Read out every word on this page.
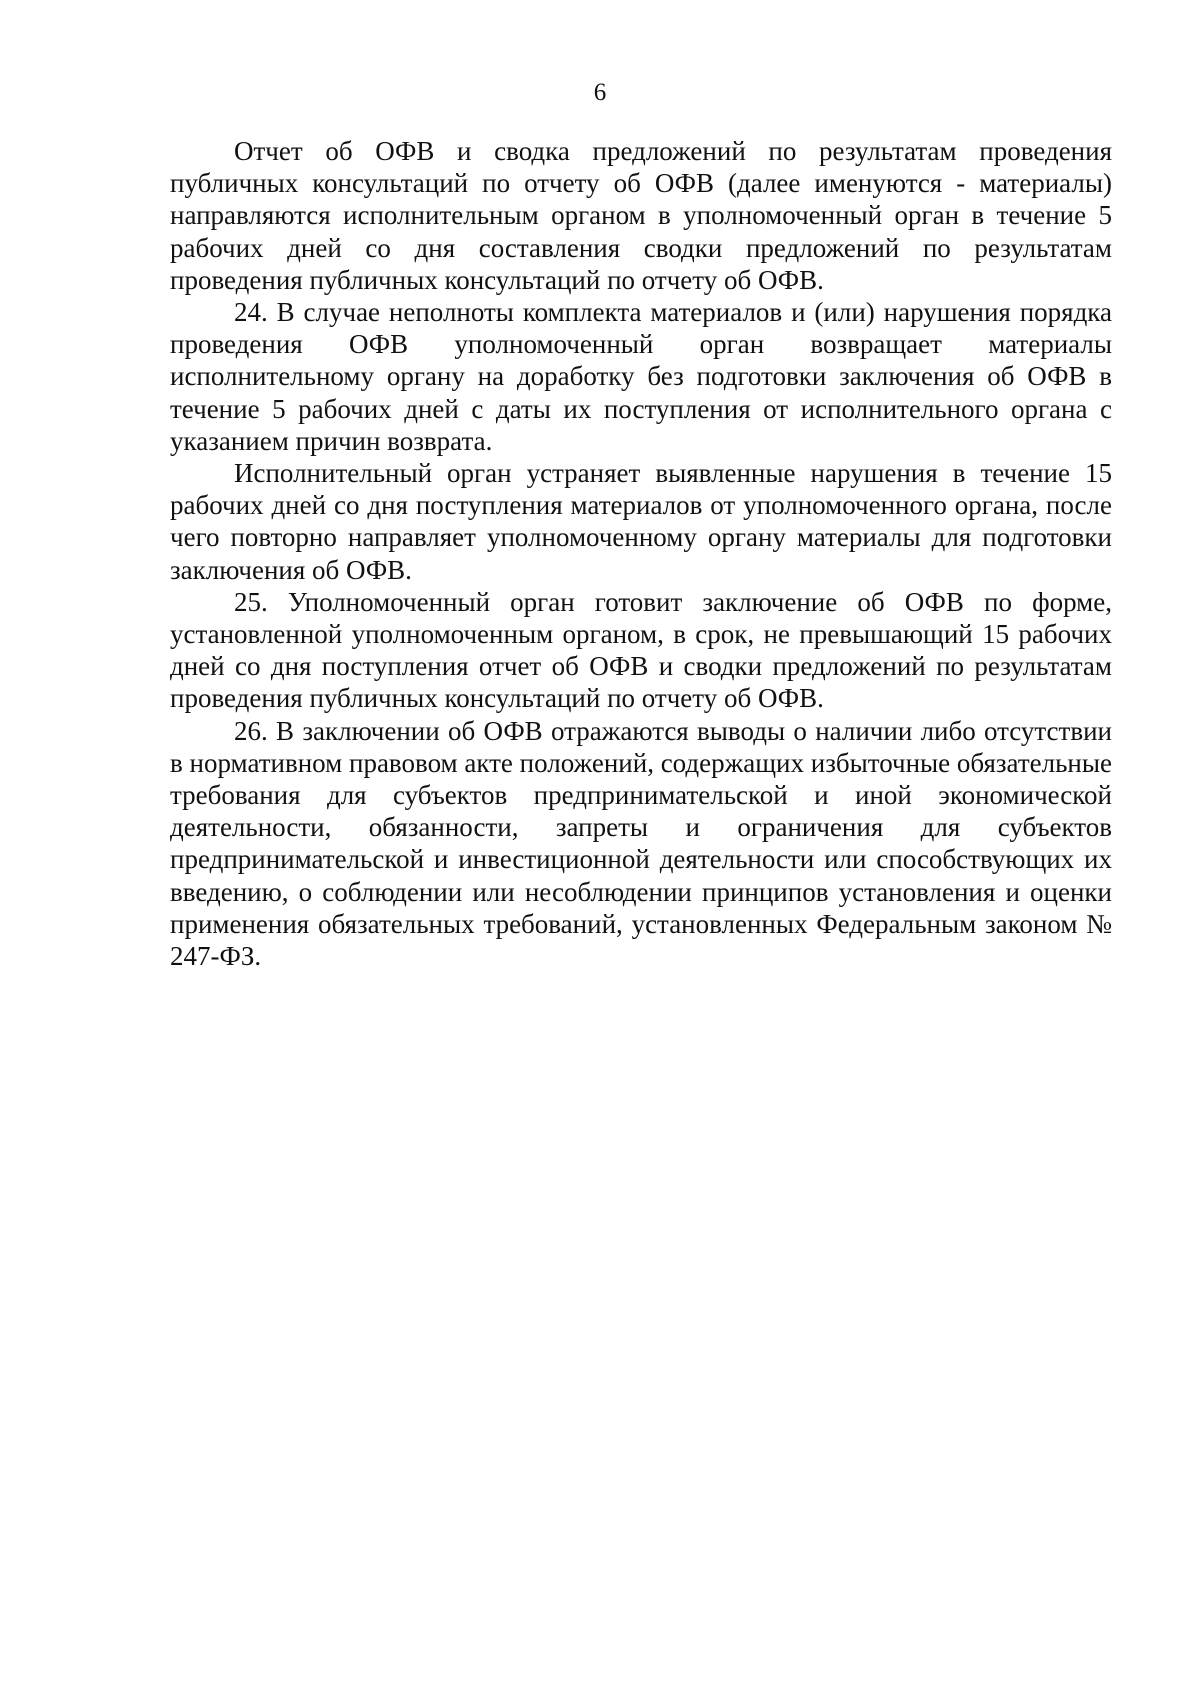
6

Отчет об ОФВ и сводка предложений по результатам проведения публичных консультаций по отчету об ОФВ (далее именуются - материалы) направляются исполнительным органом в уполномоченный орган в течение 5 рабочих дней со дня составления сводки предложений по результатам проведения публичных консультаций по отчету об ОФВ.

24. В случае неполноты комплекта материалов и (или) нарушения порядка проведения ОФВ уполномоченный орган возвращает материалы исполнительному органу на доработку без подготовки заключения об ОФВ в течение 5 рабочих дней с даты их поступления от исполнительного органа с указанием причин возврата.

Исполнительный орган устраняет выявленные нарушения в течение 15 рабочих дней со дня поступления материалов от уполномоченного органа, после чего повторно направляет уполномоченному органу материалы для подготовки заключения об ОФВ.

25. Уполномоченный орган готовит заключение об ОФВ по форме, установленной уполномоченным органом, в срок, не превышающий 15 рабочих дней со дня поступления отчет об ОФВ и сводки предложений по результатам проведения публичных консультаций по отчету об ОФВ.

26. В заключении об ОФВ отражаются выводы о наличии либо отсутствии в нормативном правовом акте положений, содержащих избыточные обязательные требования для субъектов предпринимательской и иной экономической деятельности, обязанности, запреты и ограничения для субъектов предпринимательской и инвестиционной деятельности или способствующих их введению, о соблюдении или несоблюдении принципов установления и оценки применения обязательных требований, установленных Федеральным законом № 247-ФЗ.
